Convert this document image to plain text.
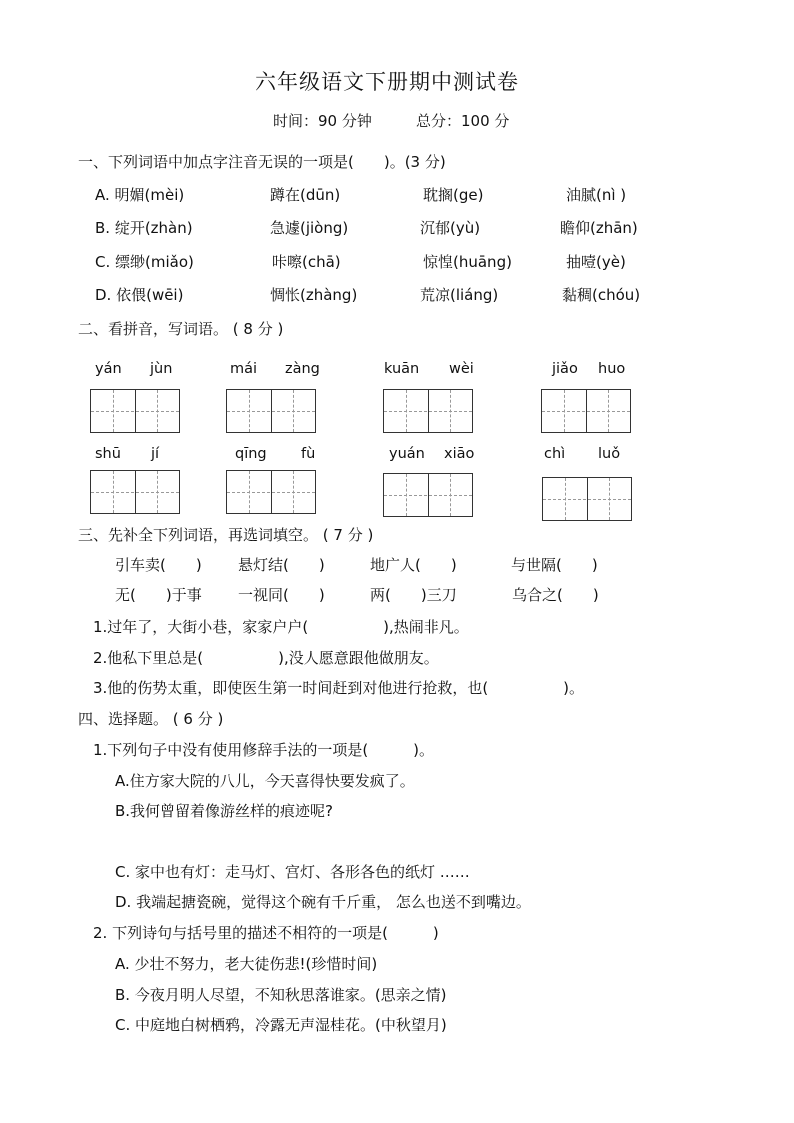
六年级语文下册期中测试卷
时间：90 分钟	总分：100 分
一、下列词语中加点字注音无误的一项是(　　)。(3 分)
A. 明媚(mèi)	蹲在(dūn)	耽搁(ge)	油腻(nì )
B. 绽开(zhàn)	急遽(jiòng)	沉郁(yù)	瞻仰(zhān)
C. 缥缈(miǎo)	咔嚓(chā)	惊惶(huāng)	抽噎(yè)
D. 依偎(wēi)	惆怅(zhàng)	荒凉(liáng)	黏稠(chóu)
二、看拼音，写词语。 ( 8 分 )
yán jùn	mái zàng	kuān wèi	jiǎo huo
shū jí	qīng fù	yuán xiāo	chì luǒ
三、先补全下列词语，再选词填空。 ( 7 分 )
引车卖(　　) 悬灯结(　　)	地广人(　　)	与世隔(　　)
无(　　)于事 一视同(　　)	两(　　)三刀	乌合之(　　)
1.过年了，大街小巷，家家户户(　　　　　),热闹非凡。
2.他私下里总是(　　　　　),没人愿意跟他做朋友。
3.他的伤势太重，即使医生第一时间赶到对他进行抢救，也(　　　　　)。
四、选择题。 ( 6 分 )
1.下列句子中没有使用修辞手法的一项是(　　　)。
A.住方家大院的八儿，今天喜得快要发疯了。
B.我何曾留着像游丝样的痕迹呢?
C. 家中也有灯：走马灯、宫灯、各形各色的纸灯 ……
D. 我端起搪瓷碗，觉得这个碗有千斤重， 怎么也送不到嘴边。
2. 下列诗句与括号里的描述不相符的一项是(　　　)
A. 少壮不努力，老大徒伤悲!(珍惜时间)
B. 今夜月明人尽望，不知秋思落谁家。(思亲之情)
C. 中庭地白树栖鸦，冷露无声湿桂花。(中秋望月)
